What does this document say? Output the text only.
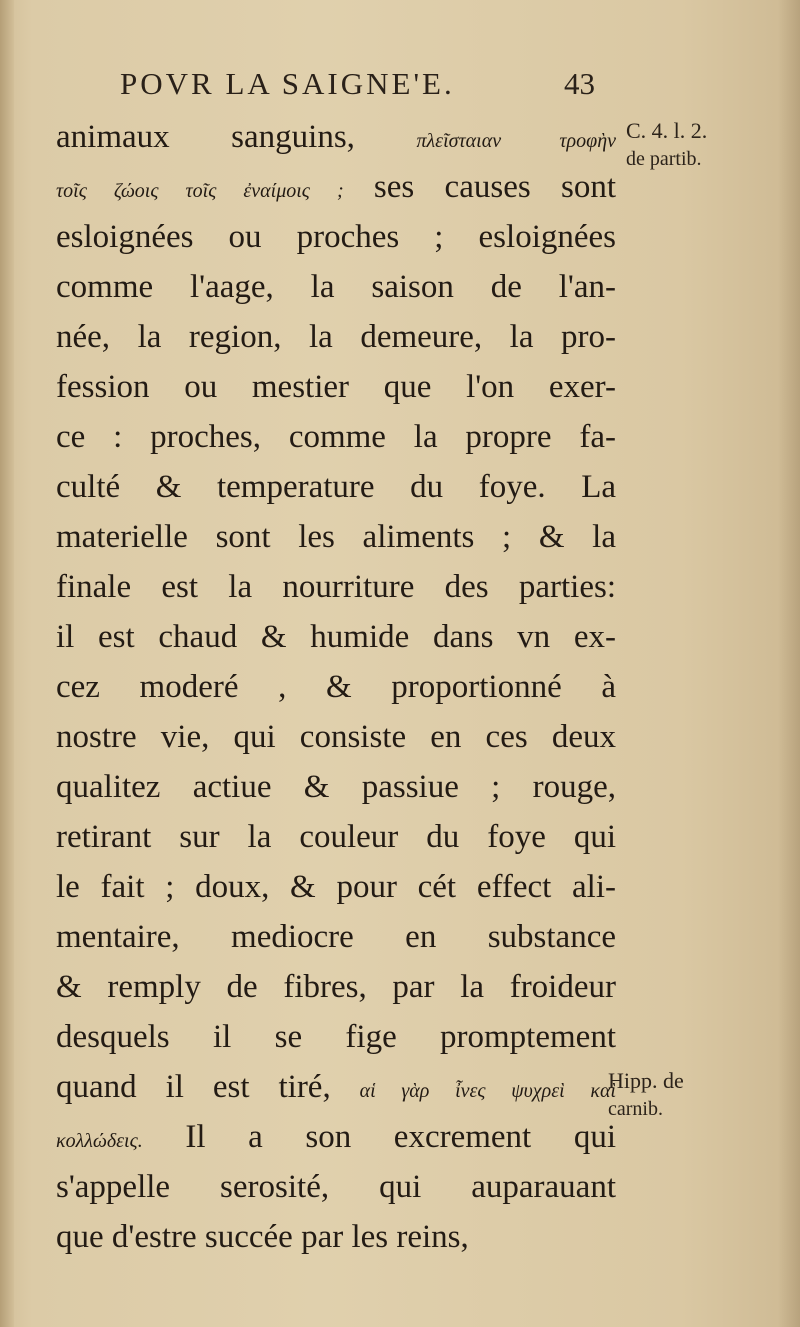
POVR LA SAIGNE'E.	43
animaux sanguins, πλεῖσταιαν τρoφὴν
τοῖς ζώοις τοῖς ἐναίμοις ; ses causes sont
esloignées ou proches ; esloignées
comme l'aage, la saison de l'an-
née, la region, la demeure, la pro-
fession ou mestier que l'on exer-
ce : proches, comme la propre fa-
culté & temperature du foye. La
materielle sont les aliments ; & la
finale est la nourriture des parties:
il est chaud & humide dans vn ex-
cez moderé , & proportionné à
nostre vie, qui consiste en ces deux
qualitez actiue & passiue ; rouge,
retirant sur la couleur du foye qui
le fait ; doux, & pour cét effect ali-
mentaire, mediocre en substance
& remply de fibres, par la froideur
desquels il se fige promptement
quand il est tiré, αἱ γὰρ ἶνες ψυχρεὶ καὶ
κολλώδεις. Il a son excrement qui
s'appelle serosité, qui auparauant
que d'estre succée par les reins,
C. 4. l. 2.
de partib.
Hipp. de
carnib.
